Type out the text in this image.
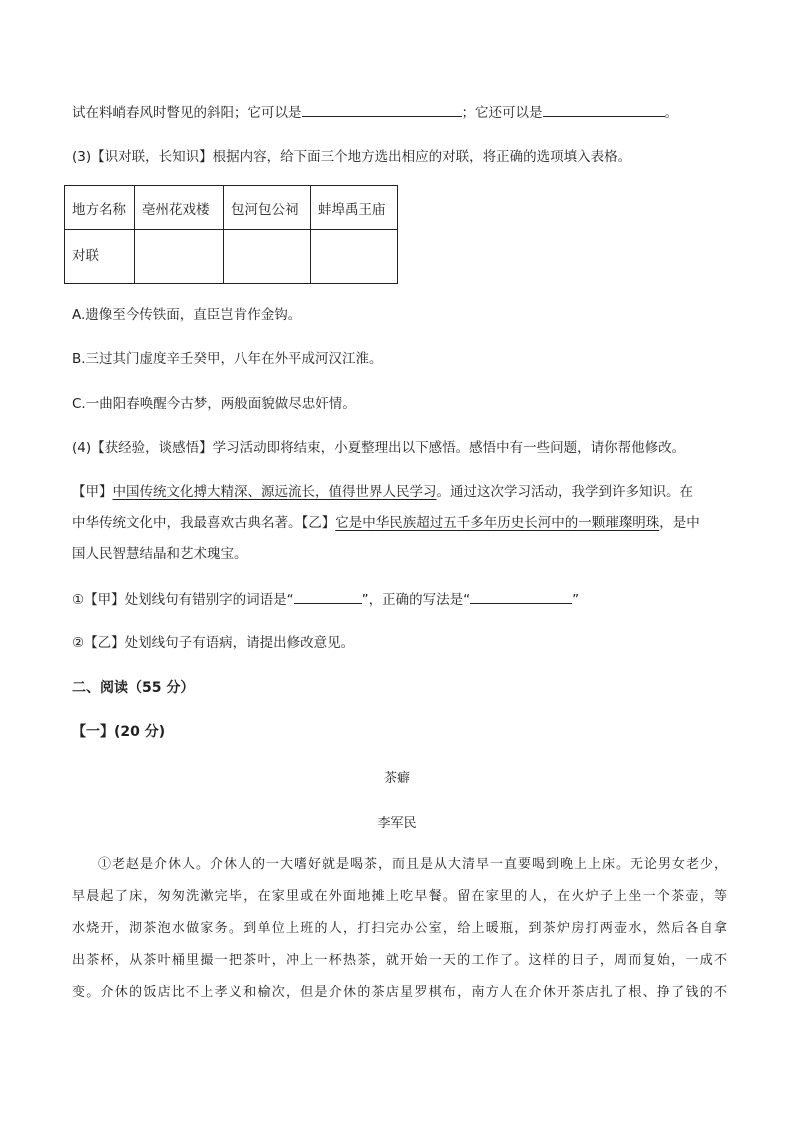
试在料峭春风时瞥见的斜阳；它可以是	；它还可以是	。
(3)【识对联，长知识】根据内容，给下面三个地方选出相应的对联，将正确的选项填入表格。
地方名称	亳州花戏楼	包河包公祠	蚌埠禹王庙
对联			
A.遗像至今传铁面，直臣岂肯作金钩。
B.三过其门虚度辛壬癸甲，八年在外平成河汉江淮。
C.一曲阳春唤醒今古梦，两般面貌做尽忠奸情。
(4)【获经验，谈感悟】学习活动即将结束，小夏整理出以下感悟。感悟中有一些问题，请你帮他修改。
【甲】中国传统文化搏大精深、源远流长，值得世界人民学习。通过这次学习活动，我学到许多知识。在
中华传统文化中，我最喜欢古典名著。【乙】它是中华民族超过五千多年历史长河中的一颗璀璨明珠，是中
国人民智慧结晶和艺术瑰宝。
①【甲】处划线句有错别字的词语是“	”，正确的写法是“	”
②【乙】处划线句子有语病，请提出修改意见。
二、阅读（55 分）
【一】(20 分)
茶癖
李军民
①老赵是介休人。介休人的一大嗜好就是喝茶，而且是从大清早一直要喝到晚上上床。无论男女老少，
早晨起了床，匆匆洗漱完毕，在家里或在外面地摊上吃早餐。留在家里的人，在火炉子上坐一个茶壶，等
水烧开，沏茶泡水做家务。到单位上班的人，打扫完办公室，给上暖瓶，到茶炉房打两壶水，然后各自拿
出茶杯，从茶叶桶里撮一把茶叶，冲上一杯热茶，就开始一天的工作了。这样的日子，周而复始，一成不
变。介休的饭店比不上孝义和榆次，但是介休的茶店星罗棋布，南方人在介休开茶店扎了根、挣了钱的不
